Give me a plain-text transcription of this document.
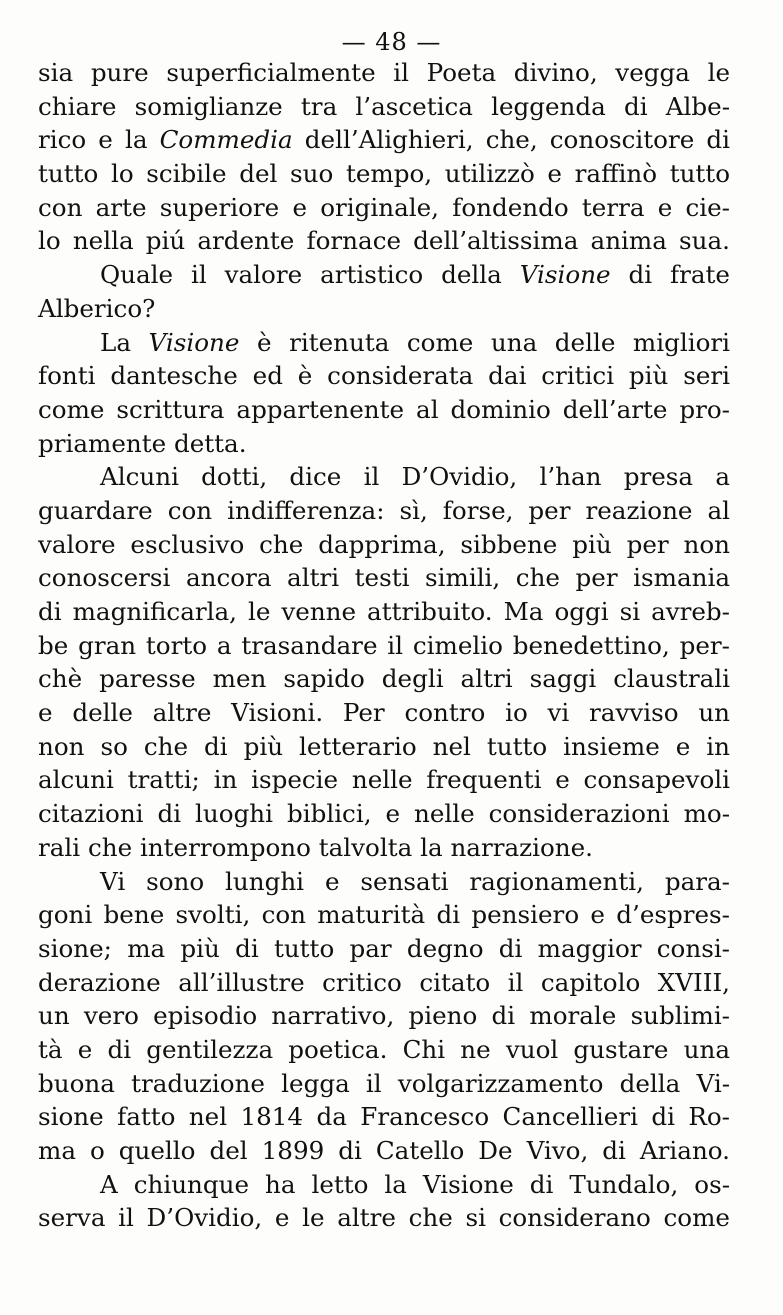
— 48 —
sia pure superficialmente il Poeta divino, vegga le
chiare somiglianze tra l’ascetica leggenda di Albe-
rico e la Commedia dell’Alighieri, che, conoscitore di
tutto lo scibile del suo tempo, utilizzò e raffinò tutto
con arte superiore e originale, fondendo terra e cie-
lo nella piú ardente fornace dell’altissima anima sua.
Quale il valore artistico della Visione di frate
Alberico?
La Visione è ritenuta come una delle migliori
fonti dantesche ed è considerata dai critici più seri
come scrittura appartenente al dominio dell’arte pro-
priamente detta.
Alcuni dotti, dice il D’Ovidio, l’han presa a
guardare con indifferenza: sì, forse, per reazione al
valore esclusivo che dapprima, sibbene più per non
conoscersi ancora altri testi simili, che per ismania
di magnificarla, le venne attribuito. Ma oggi si avreb-
be gran torto a trasandare il cimelio benedettino, per-
chè paresse men sapido degli altri saggi claustrali
e delle altre Visioni. Per contro io vi ravviso un
non so che di più letterario nel tutto insieme e in
alcuni tratti; in ispecie nelle frequenti e consapevoli
citazioni di luoghi biblici, e nelle considerazioni mo-
rali che interrompono talvolta la narrazione.
Vi sono lunghi e sensati ragionamenti, para-
goni bene svolti, con maturità di pensiero e d’espres-
sione; ma più di tutto par degno di maggior consi-
derazione all’illustre critico citato il capitolo XVIII,
un vero episodio narrativo, pieno di morale sublimi-
tà e di gentilezza poetica. Chi ne vuol gustare una
buona traduzione legga il volgarizzamento della Vi-
sione fatto nel 1814 da Francesco Cancellieri di Ro-
ma o quello del 1899 di Catello De Vivo, di Ariano.
A chiunque ha letto la Visione di Tundalo, os-
serva il D’Ovidio, e le altre che si considerano come
